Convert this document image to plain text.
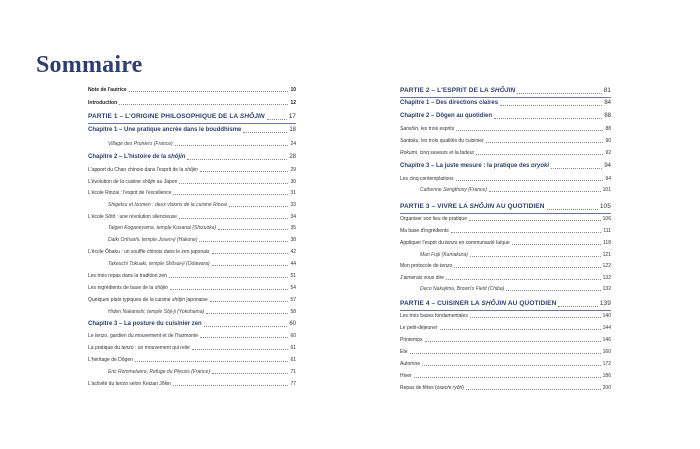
Sommaire
Note de l'autrice	10
Introduction	12
PARTIE 1 – L'ORIGINE PHILOSOPHIQUE DE LA SHÔJIN	17
Chapitre 1 – Une pratique ancrée dans le bouddhisme	18
Village des Pruniers (France)	24
Chapitre 2 – L'histoire de la shôjin	28
L'apport du Chan chinois dans l'esprit de la shôjin	29
L'évolution de la cuisine shôjin au Japon	30
L'école Rinzai : l'esprit de l'excellence	31
Shigetsu et Izumen : deux visions de la cuisine Rinzai	33
L'école Sôtô : une révolution silencieuse	34
Taigen Koganeyama, temple Kosanai (Shizuoka)	35
Daiki Orihashi, temple Josen-ji (Hakone)	38
L'école Ôbaku : un souffle chinois dans le zen japonais	42
Takeuchi Tokuaki, temple Shôsai-ji (Odawara)	44
Les trois repas dans la tradition zen	51
Les ingrédients de base de la shôjin	54
Quelques plats typiques de la cuisine shôjin japonaise	57
Hiden Nakanishi, temple Sôji-ji (Yokohama)	58
Chapitre 3 – La posture du cuisinier zen	60
Le tenzo, gardien du mouvement et de l'harmonie	60
La pratique du tenzo : un mouvement qui relie	61
L'héritage de Dôgen	61
Eric Rommeluère, Refuge du Plessis (France)	71
L'activité du tenzo selon Keizan Jôkin	77
PARTIE 2 – L'ESPRIT DE LA SHÔJIN	81
Chapitre 1 – Des directions claires	84
Chapitre 2 – Dôgen au quotidien	88
Sanshin, les trois esprits	88
Santoku, les trois qualités du cuisinier	90
Rokumi, cinq saveurs et la fadeur	92
Chapitre 3 – La juste mesure : la pratique des oryoki	94
Les cinq contemplations	94
Catherine Sengthoxy (France)	101
PARTIE 3 – VIVRE LA SHÔJIN AU QUOTIDIEN	105
Organiser son lieu de pratique	106
Ma base d'ingrédients	111
Appliquer l'esprit du tenzo en communauté laïque	118
Mari Fujii (Kamakura)	121
Mon protocole de tenzo	122
J'aimerais vous dire	132
Deco Nakajima, Brown's Field (Chiba)	132
PARTIE 4 – CUISINER LA SHÔJIN AU QUOTIDIEN	139
Les trois bases fondamentales	140
Le petit-déjeuner	144
Printemps	146
Été	160
Automne	172
Hiver	186
Repas de fêtes (osechi ryôri)	200
